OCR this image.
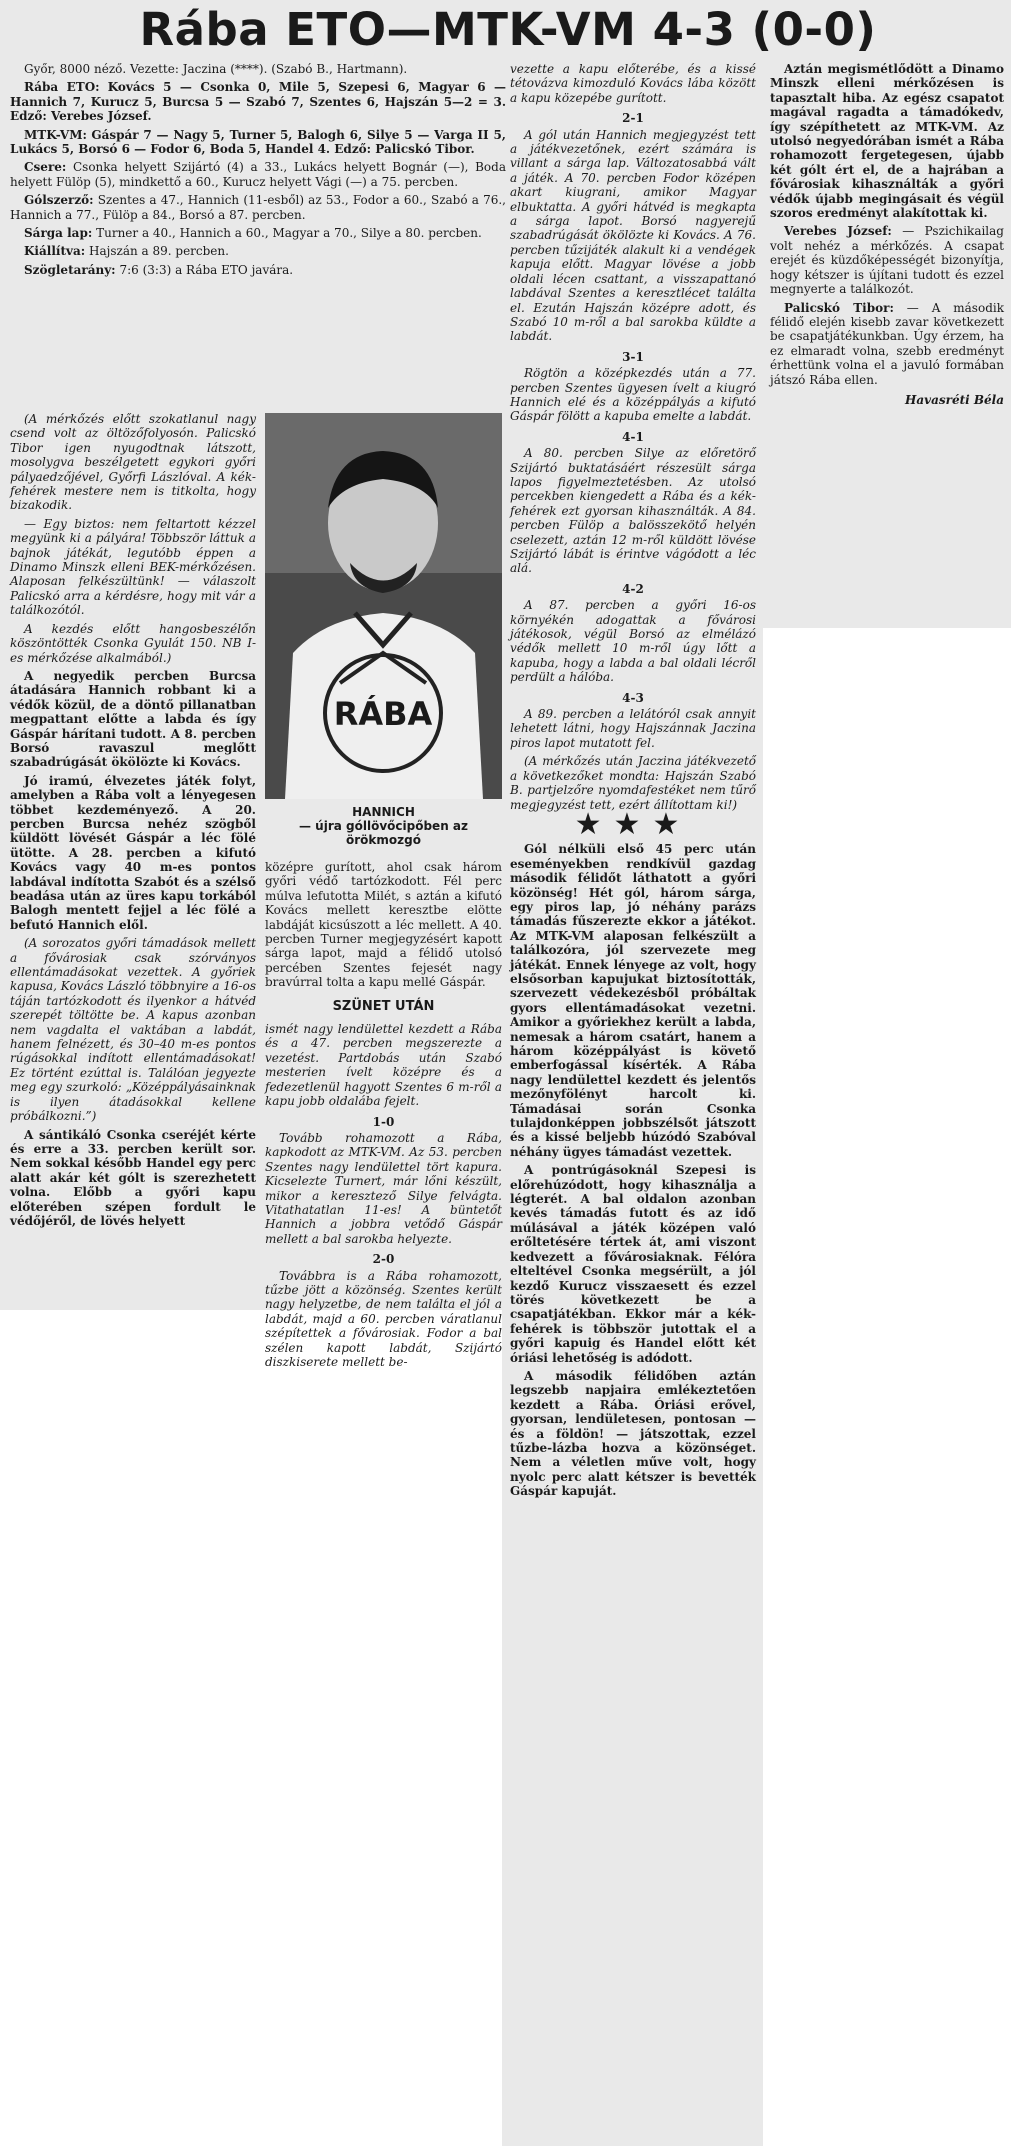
Rába ETO—MTK-VM 4-3 (0-0)

Győr, 8000 néző. Vezette: Jaczina (****). (Szabó B., Hartmann).

Rába ETO: Kovács 5 — Csonka 0, Mile 5, Szepesi 6, Magyar 6 — Hannich 7, Kurucz 5, Burcsa 5 — Szabó 7, Szentes 6, Hajszán 5—2 = 3. Edző: Verebes József.

MTK-VM: Gáspár 7 — Nagy 5, Turner 5, Balogh 6, Silye 5 — Varga II 5, Lukács 5, Borsó 6 — Fodor 6, Boda 5, Handel 4. Edző: Palicskó Tibor.

Csere: Csonka helyett Szijártó (4) a 33., Lukács helyett Bognár (—), Boda helyett Fülöp (5), mindkettő a 60., Kurucz helyett Vági (—) a 75. percben.

Gólszerző: Szentes a 47., Hannich (11-esből) az 53., Fodor a 60., Szabó a 76., Hannich a 77., Fülöp a 84., Borsó a 87. percben.

Sárga lap: Turner a 40., Hannich a 60., Magyar a 70., Silye a 80. percben.

Kiállítva: Hajszán a 89. percben.

Szögletarány: 7:6 (3:3) a Rába ETO javára.

(A mérkőzés előtt szokatlanul nagy csend volt az öltözőfolyosón. Palicskó Tibor igen nyugodtnak látszott, mosolygva beszélgetett egykori győri pályaedzőjével, Győrfi Lászlóval. A kék-fehérek mestere nem is titkolta, hogy bizakodik.

— Egy biztos: nem feltartott kézzel megyünk ki a pályára! Többször láttuk a bajnok játékát, legutóbb éppen a Dinamo Minszk elleni BEK-mérkőzésen. Alaposan felkészültünk! — válaszolt Palicskó arra a kérdésre, hogy mit vár a találkozótól.

A kezdés előtt hangosbeszélőn köszöntötték Csonka Gyulát 150. NB I-es mérkőzése alkalmából.)

A negyedik percben Burcsa átadására Hannich robbant ki a védők közül, de a döntő pillanatban megpattant előtte a labda és így Gáspár hárítani tudott. A 8. percben Borsó ravaszul meglőtt szabadrúgását ökölözte ki Kovács.

Jó iramú, élvezetes játék folyt, amelyben a Rába volt a lényegesen többet kezdeményező. A 20. percben Burcsa nehéz szögből küldött lövését Gáspár a léc fölé ütötte. A 28. percben a kifutó Kovács vagy 40 m-es pontos labdával indította Szabót és a szélső beadása után az üres kapu torkából Balogh mentett fejjel a léc fölé a befutó Hannich elől.

(A sorozatos győri támadások mellett a fővárosiak csak szórványos ellentámadásokat vezettek. A győriek kapusa, Kovács László többnyire a 16-os táján tartózkodott és ilyenkor a hátvéd szerepét töltötte be. A kapus azonban nem vagdalta el vaktában a labdát, hanem felnézett, és 30–40 m-es pontos rúgásokkal indított ellentámadásokat! Ez történt ezúttal is. Találóan jegyezte meg egy szurkoló: „Középpályásainknak is ilyen átadásokkal kellene próbálkozni.”)

A sántikáló Csonka cseréjét kérte és erre a 33. percben került sor. Nem sokkal később Handel egy perc alatt akár két gólt is szerezhetett volna. Előbb a győri kapu előterében szépen fordult le védőjéről, de lövés helyett

RÁBA
HANNICH
— újra góllövőcipőben az örökmozgó

középre gurított, ahol csak három győri védő tartózkodott. Fél perc múlva lefutotta Milét, s aztán a kifutó Kovács mellett keresztbe elötte labdáját kicsúszott a léc mellett. A 40. percben Turner megjegyzésért kapott sárga lapot, majd a félidő utolsó percében Szentes fejesét nagy bravúrral tolta a kapu mellé Gáspár.

SZÜNET UTÁN

ismét nagy lendülettel kezdett a Rába és a 47. percben megszerezte a vezetést. Partdobás után Szabó mesterien ívelt középre és a fedezetlenül hagyott Szentes 6 m-ről a kapu jobb oldalába fejelt.

1-0

Tovább rohamozott a Rába, kapkodott az MTK-VM. Az 53. percben Szentes nagy lendülettel tört kapura. Kicselezte Turnert, már lőni készült, mikor a keresztező Silye felvágta. Vitathatatlan 11-es! A büntetőt Hannich a jobbra vetődő Gáspár mellett a bal sarokba helyezte.

2-0

Továbbra is a Rába rohamozott, tűzbe jött a közönség. Szentes került nagy helyzetbe, de nem találta el jól a labdát, majd a 60. percben váratlanul szépítettek a fővárosiak. Fodor a bal szélen kapott labdát, Szijártó diszkiserete mellett be-

vezette a kapu előterébe, és a kissé tétovázva kimozduló Kovács lába között a kapu közepébe gurított.

2-1

A gól után Hannich megjegyzést tett a játékvezetőnek, ezért számára is villant a sárga lap. Változatosabbá vált a játék. A 70. percben Fodor középen akart kiugrani, amikor Magyar elbuktatta. A győri hátvéd is megkapta a sárga lapot. Borsó nagyerejű szabadrúgását ökölözte ki Kovács. A 76. percben tűzijáték alakult ki a vendégek kapuja előtt. Magyar lövése a jobb oldali lécen csattant, a visszapattanó labdával Szentes a keresztlécet találta el. Ezután Hajszán középre adott, és Szabó 10 m-ről a bal sarokba küldte a labdát.

3-1

Rögtön a középkezdés után a 77. percben Szentes ügyesen ívelt a kiugró Hannich elé és a középpályás a kifutó Gáspár fölött a kapuba emelte a labdát.

4-1

A 80. percben Silye az előretörő Szijártó buktatásáért részesült sárga lapos figyelmeztetésben. Az utolsó percekben kiengedett a Rába és a kék-fehérek ezt gyorsan kihasználták. A 84. percben Fülöp a balösszekötő helyén cselezett, aztán 12 m-ről küldött lövése Szijártó lábát is érintve vágódott a léc alá.

4-2

A 87. percben a győri 16-os környékén adogattak a fővárosi játékosok, végül Borsó az elmélázó védők mellett 10 m-ről úgy lőtt a kapuba, hogy a labda a bal oldali lécről perdült a hálóba.

4-3

A 89. percben a lelátóról csak annyit lehetett látni, hogy Hajszánnak Jaczina piros lapot mutatott fel.

(A mérkőzés után Jaczina játékvezető a következőket mondta: Hajszán Szabó B. partjelzőre nyomdafestéket nem tűrő megjegyzést tett, ezért állítottam ki!)

★★★

Gól nélküli első 45 perc után eseményekben rendkívül gazdag második félidőt láthatott a győri közönség! Hét gól, három sárga, egy piros lap, jó néhány parázs támadás fűszerezte ekkor a játékot. Az MTK-VM alaposan felkészült a találkozóra, jól szervezete meg játékát. Ennek lényege az volt, hogy elsősorban kapujukat biztosították, szervezett védekezésből próbáltak gyors ellentámadásokat vezetni. Amikor a győriekhez került a labda, nemesak a három csatárt, hanem a három középpályást is követő emberfogással kísérték. A Rába nagy lendülettel kezdett és jelentős mezőnyfölényt harcolt ki. Támadásai során Csonka tulajdonképpen jobbszélsőt játszott és a kissé beljebb húzódó Szabóval néhány ügyes támadást vezettek.

A pontrúgásoknál Szepesi is előrehúzódott, hogy kihasználja a légterét. A bal oldalon azonban kevés támadás futott és az idő múlásával a játék középen való erőltetésére tértek át, ami viszont kedvezett a fővárosiaknak. Félóra elteltével Csonka megsérült, a jól kezdő Kurucz visszaesett és ezzel törés következett be a csapatjátékban. Ekkor már a kék-fehérek is többször jutottak el a győri kapuig és Handel előtt két óriási lehetőség is adódott.

A második félidőben aztán legszebb napjaira emlékeztetően kezdett a Rába. Óriási erővel, gyorsan, lendületesen, pontosan — és a földön! — játszottak, ezzel tűzbe-lázba hozva a közönséget. Nem a véletlen műve volt, hogy nyolc perc alatt kétszer is bevették Gáspár kapuját.

Aztán megismétlődött a Dinamo Minszk elleni mérkőzésen is tapasztalt hiba. Az egész csapatot magával ragadta a támadókedv, így szépíthetett az MTK-VM. Az utolsó negyedórában ismét a Rába rohamozott fergetegesen, újabb két gólt ért el, de a hajrában a fővárosiak kihasználták a győri védők újabb megingásait és végül szoros eredményt alakítottak ki.

Verebes József: — Pszichikailag volt nehéz a mérkőzés. A csapat erejét és küzdőképességét bizonyítja, hogy kétszer is újítani tudott és ezzel megnyerte a találkozót.

Palicskó Tibor: — A második félidő elején kisebb zavar következett be csapatjátékunkban. Úgy érzem, ha ez elmaradt volna, szebb eredményt érhettünk volna el a javuló formában játszó Rába ellen.

Havasréti Béla
